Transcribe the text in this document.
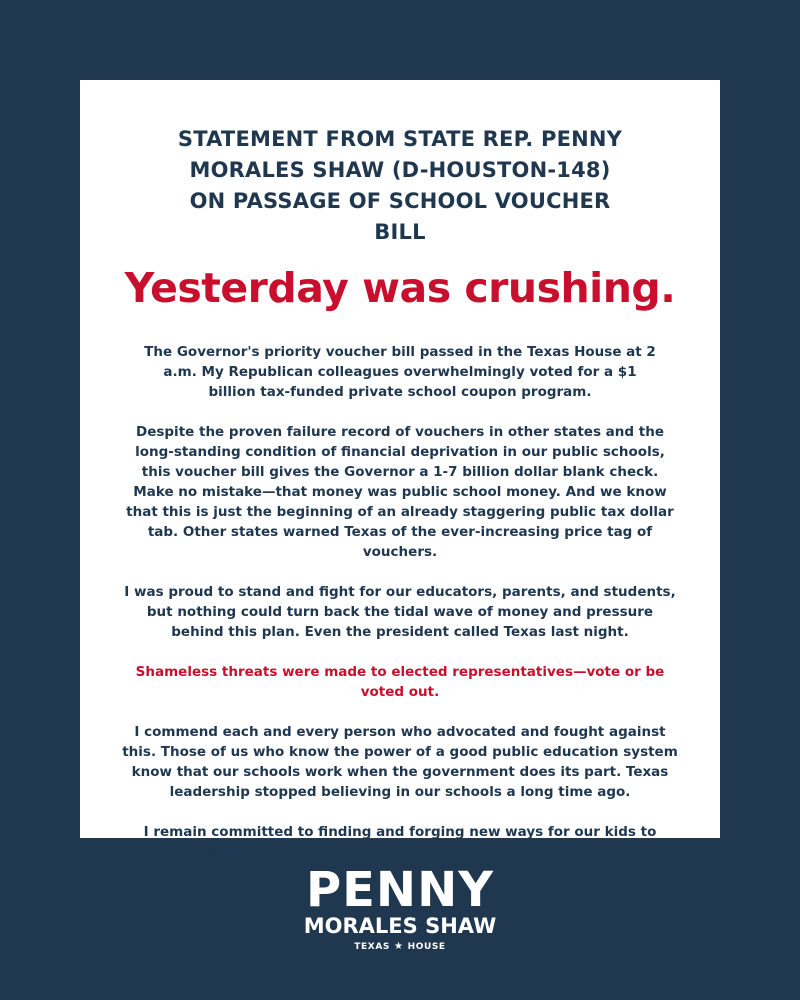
STATEMENT FROM STATE REP. PENNY MORALES SHAW (D-HOUSTON-148) ON PASSAGE OF SCHOOL VOUCHER BILL
Yesterday was crushing.

The Governor's priority voucher bill passed in the Texas House at 2 a.m. My Republican colleagues overwhelmingly voted for a $1 billion tax-funded private school coupon program.

Despite the proven failure record of vouchers in other states and the long-standing condition of financial deprivation in our public schools, this voucher bill gives the Governor a 1-7 billion dollar blank check. Make no mistake—that money was public school money. And we know that this is just the beginning of an already staggering public tax dollar tab. Other states warned Texas of the ever-increasing price tag of vouchers.

I was proud to stand and fight for our educators, parents, and students, but nothing could turn back the tidal wave of money and pressure behind this plan. Even the president called Texas last night.

Shameless threats were made to elected representatives—vote or be voted out.

I commend each and every person who advocated and fought against this. Those of us who know the power of a good public education system know that our schools work when the government does its part. Texas leadership stopped believing in our schools a long time ago.

I remain committed to finding and forging new ways for our kids to succeed and thrive in their education experience.

PENNY
MORALES SHAW
TEXAS ★ HOUSE
